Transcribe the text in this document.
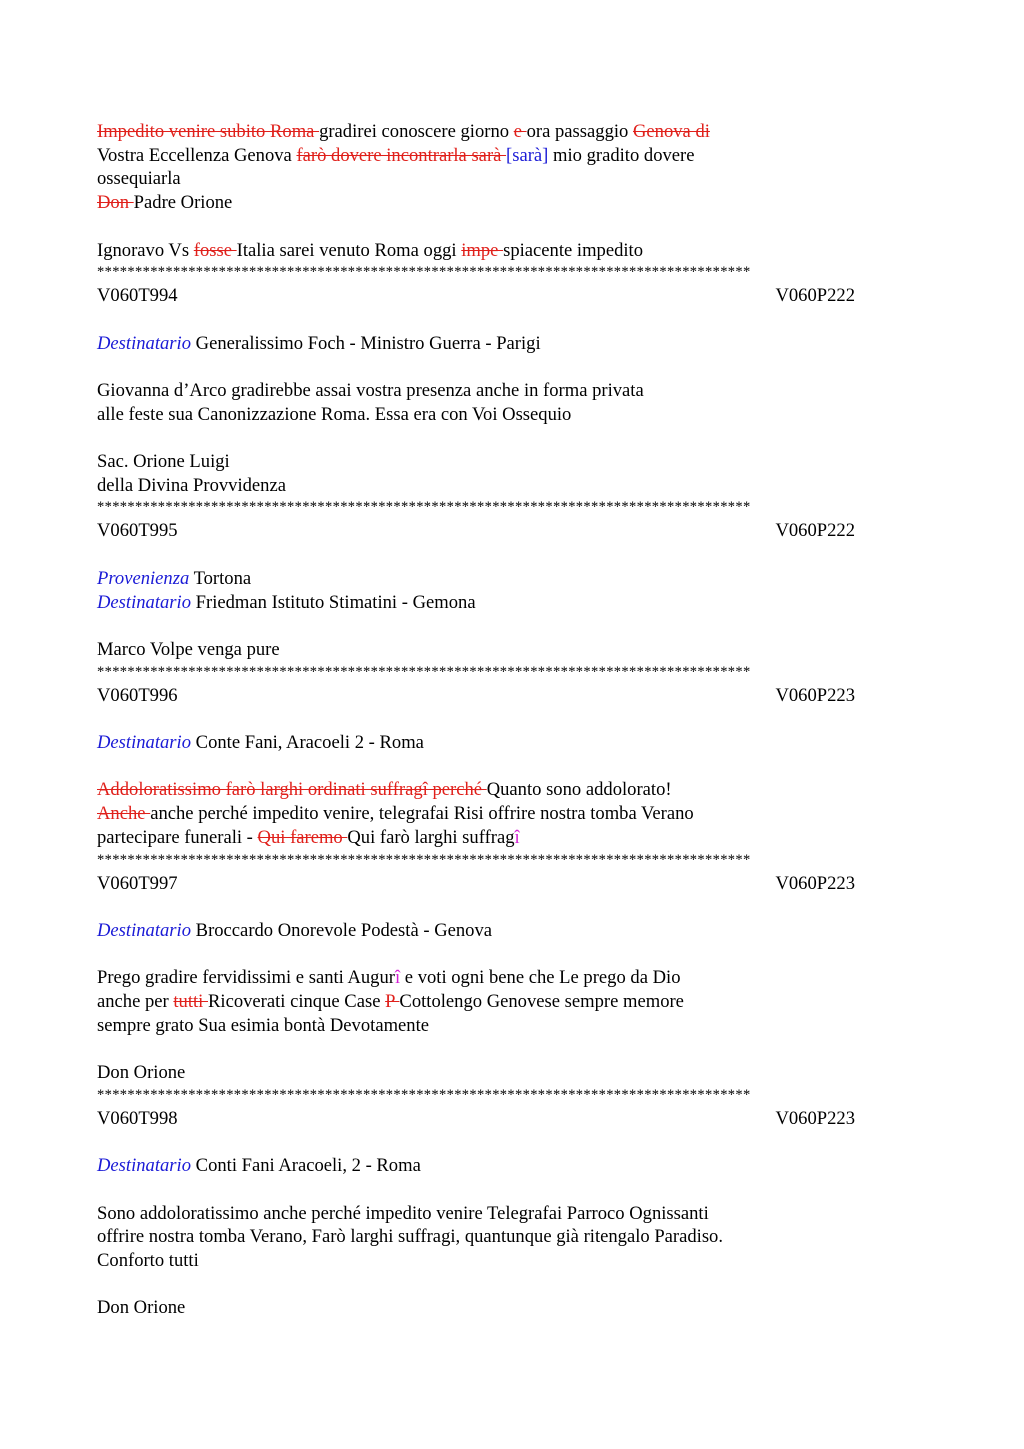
Impedito venire subito Roma gradirei conoscere giorno e ora passaggio Genova di
Vostra Eccellenza Genova farò dovere incontrarla sarà [sarà] mio gradito dovere
ossequiarla
Don Padre Orione
Ignoravo Vs fosse Italia sarei venuto Roma oggi impe spiacente impedito
**************************************************************************************
V060T994	V060P222
Destinatario Generalissimo Foch - Ministro Guerra - Parigi
Giovanna d’Arco gradirebbe assai vostra presenza anche in forma privata
alle feste sua Canonizzazione Roma. Essa era con Voi Ossequio
Sac. Orione Luigi
della Divina Provvidenza
**************************************************************************************
V060T995	V060P222
Provenienza Tortona
Destinatario Friedman Istituto Stimatini - Gemona
Marco Volpe venga pure
**************************************************************************************
V060T996	V060P223
Destinatario Conte Fani, Aracoeli 2 - Roma
Addoloratissimo farò larghi ordinati suffragî perché Quanto sono addolorato!
Anche anche perché impedito venire, telegrafai Risi offrire nostra tomba Verano
partecipare funerali - Qui faremo Qui farò larghi suffragî
**************************************************************************************
V060T997	V060P223
Destinatario Broccardo Onorevole Podestà - Genova
Prego gradire fervidissimi e santi Augurî e voti ogni bene che Le prego da Dio
anche per tutti Ricoverati cinque Case P Cottolengo Genovese sempre memore
sempre grato Sua esimia bontà Devotamente
Don Orione
**************************************************************************************
V060T998	V060P223
Destinatario Conti Fani Aracoeli, 2 - Roma
Sono addoloratissimo anche perché impedito venire Telegrafai Parroco Ognissanti
offrire nostra tomba Verano, Farò larghi suffragi, quantunque già ritengalo Paradiso.
Conforto tutti
Don Orione
